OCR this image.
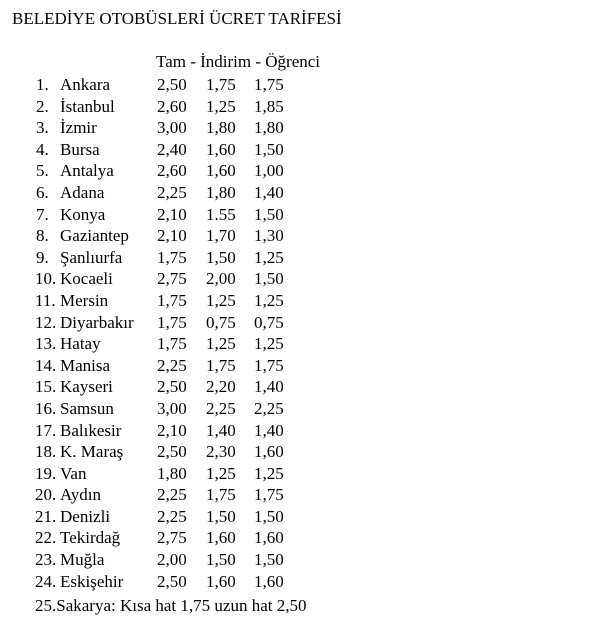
BELEDİYE OTOBÜSLERİ ÜCRET TARİFESİ
Tam - İndirim - Öğrenci
1. Ankara	2,50 1,75 1,75
2. İstanbul 2,60 1,25 1,85
3. İzmir	3,00 1,80 1,80
4. Bursa	2,40 1,60 1,50
5. Antalya	2,60 1,60 1,00
6. Adana	2,25 1,80 1,40
7. Konya	2,10 1.55 1,50
8. Gaziantep 2,10 1,70 1,30
9. Şanlıurfa 1,75 1,50 1,25
10. Kocaeli	2,75 2,00 1,50
11. Mersin	1,75 1,25 1,25
12. Diyarbakır 1,75 0,75 0,75
13. Hatay	1,75 1,25 1,25
14. Manisa	2,25 1,75 1,75
15. Kayseri	2,50 2,20 1,40
16. Samsun	3,00 2,25 2,25
17. Balıkesir 2,10 1,40 1,40
18. K. Maraş 2,50 2,30 1,60
19. Van	1,80 1,25 1,25
20. Aydın	2,25 1,75 1,75
21. Denizli	2,25 1,50 1,50
22. Tekirdağ 2,75 1,60 1,60
23. Muğla	2,00 1,50 1,50
24. Eskişehir 2,50 1,60 1,60
25.Sakarya: Kısa hat 1,75 uzun hat 2,50
